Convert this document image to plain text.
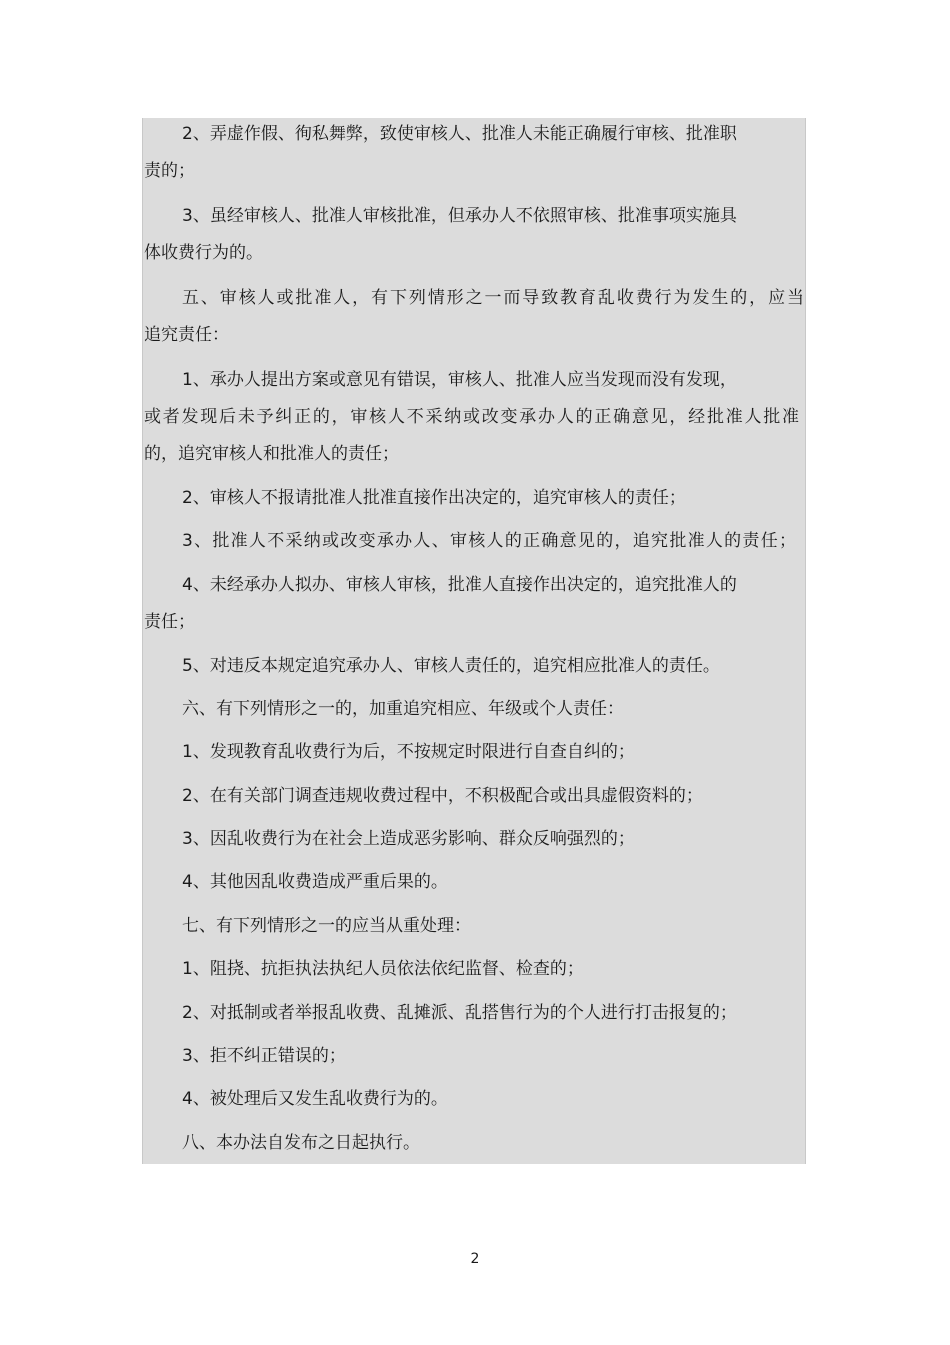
2、弄虚作假、徇私舞弊，致使审核人、批准人未能正确履行审核、批准职
责的；
3、虽经审核人、批准人审核批准，但承办人不依照审核、批准事项实施具
体收费行为的。
五、审核人或批准人，有下列情形之一而导致教育乱收费行为发生的，应当
追究责任：
1、承办人提出方案或意见有错误，审核人、批准人应当发现而没有发现，
或者发现后未予纠正的，审核人不采纳或改变承办人的正确意见，经批准人批准
的，追究审核人和批准人的责任；
2、审核人不报请批准人批准直接作出决定的，追究审核人的责任；
3、批准人不采纳或改变承办人、审核人的正确意见的，追究批准人的责任；
4、未经承办人拟办、审核人审核，批准人直接作出决定的，追究批准人的
责任；
5、对违反本规定追究承办人、审核人责任的，追究相应批准人的责任。
六、有下列情形之一的，加重追究相应、年级或个人责任：
1、发现教育乱收费行为后，不按规定时限进行自查自纠的；
2、在有关部门调查违规收费过程中，不积极配合或出具虚假资料的；
3、因乱收费行为在社会上造成恶劣影响、群众反响强烈的；
4、其他因乱收费造成严重后果的。
七、有下列情形之一的应当从重处理：
1、阻挠、抗拒执法执纪人员依法依纪监督、检查的；
2、对抵制或者举报乱收费、乱摊派、乱搭售行为的个人进行打击报复的；
3、拒不纠正错误的；
4、被处理后又发生乱收费行为的。
八、本办法自发布之日起执行。
2
